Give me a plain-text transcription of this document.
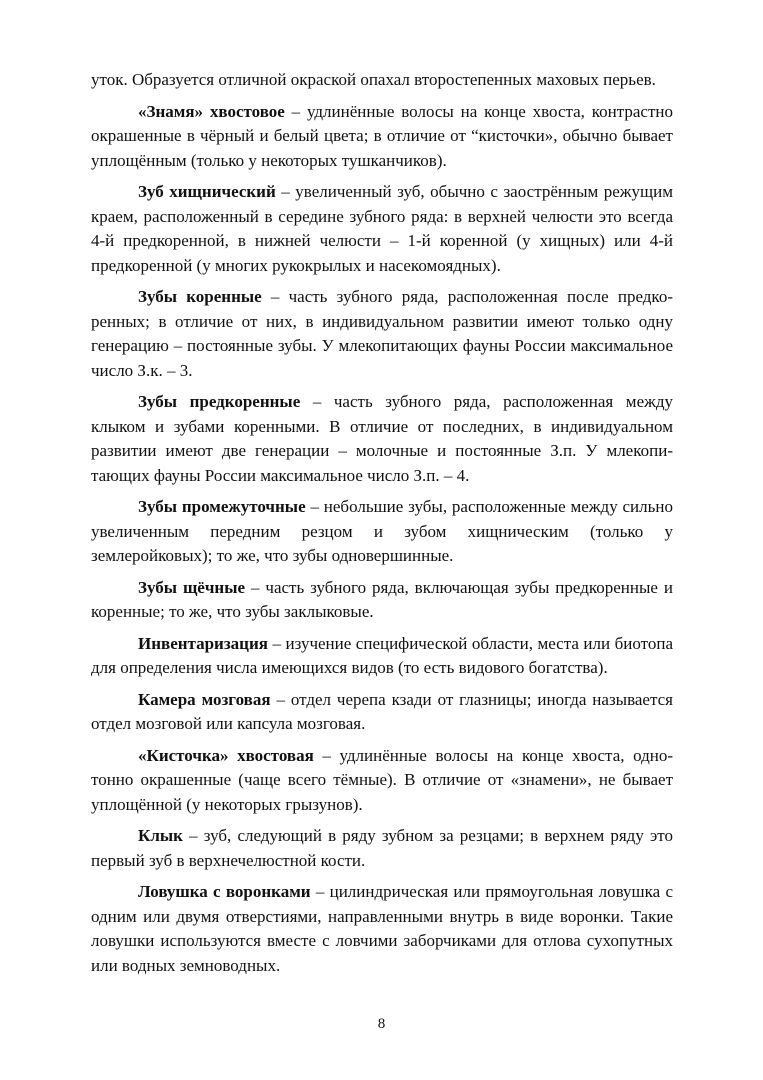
уток. Образуется отличной окраской опахал второстепенных маховых перьев.

«Знамя» хвостовое – удлинённые волосы на конце хвоста, контрастно окрашенные в чёрный и белый цвета; в отличие от “кисточки», обычно бывает уплощённым (только у некоторых тушканчиков).

Зуб хищнический – увеличенный зуб, обычно с заострённым режущим краем, расположенный в середине зубного ряда: в верхней челюсти это всегда 4-й предкоренной, в нижней челюсти – 1-й коренной (у хищных) или 4-й предкоренной (у многих рукокрылых и насекомоядных).

Зубы коренные – часть зубного ряда, расположенная после предкоренных; в отличие от них, в индивидуальном развитии имеют только одну генерацию – постоянные зубы. У млекопитающих фауны России максимальное число З.к. – 3.

Зубы предкоренные – часть зубного ряда, расположенная между клыком и зубами коренными. В отличие от последних, в индивидуальном развитии имеют две генерации – молочные и постоянные З.п. У млекопитающих фауны России максимальное число З.п. – 4.

Зубы промежуточные – небольшие зубы, расположенные между сильно увеличенным передним резцом и зубом хищническим (только у землеройковых); то же, что зубы одновершинные.

Зубы щёчные – часть зубного ряда, включающая зубы предкоренные и коренные; то же, что зубы заклыковые.

Инвентаризация – изучение специфической области, места или биотопа для определения числа имеющихся видов (то есть видового богатства).

Камера мозговая – отдел черепа кзади от глазницы; иногда называется отдел мозговой или капсула мозговая.

«Кисточка» хвостовая – удлинённые волосы на конце хвоста, однотонно окрашенные (чаще всего тёмные). В отличие от «знамени», не бывает уплощённой (у некоторых грызунов).

Клык – зуб, следующий в ряду зубном за резцами; в верхнем ряду это первый зуб в верхнечелюстной кости.

Ловушка с воронками – цилиндрическая или прямоугольная ловушка с одним или двумя отверстиями, направленными внутрь в виде воронки. Такие ловушки используются вместе с ловчими заборчиками для отлова сухопутных или водных земноводных.

8
